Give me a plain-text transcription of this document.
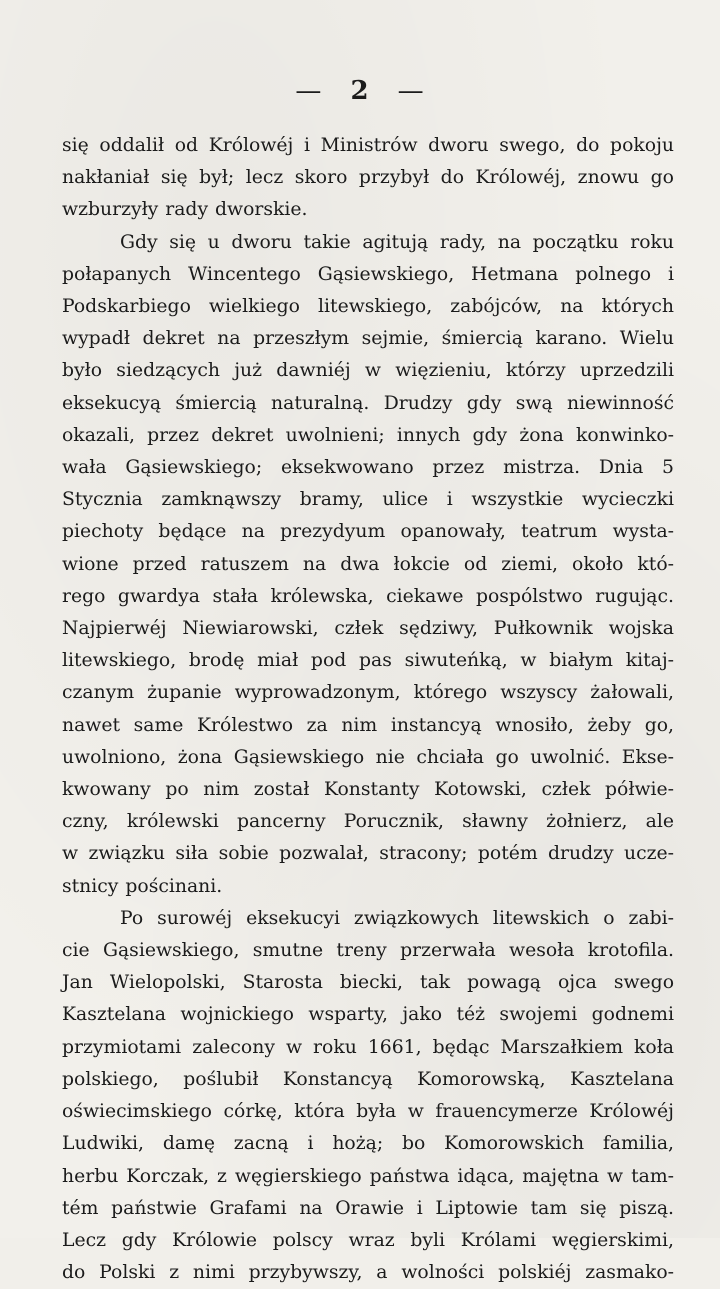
— 2 —

się oddalił od Królowéj i Ministrów dworu swego, do pokoju
nakłaniał się był; lecz skoro przybył do Królowéj, znowu go
wzburzyły rady dworskie.

Gdy się u dworu takie agitują rady, na początku roku
połapanych Wincentego Gąsiewskiego, Hetmana polnego i
Podskarbiego wielkiego litewskiego, zabójców, na których
wypadł dekret na przeszłym sejmie, śmiercią karano. Wielu
było siedzących już dawniéj w więzieniu, którzy uprzedzili
eksekucyą śmiercią naturalną. Drudzy gdy swą niewinność
okazali, przez dekret uwolnieni; innych gdy żona konwinko-
wała Gąsiewskiego; eksekwowano przez mistrza. Dnia 5
Stycznia zamknąwszy bramy, ulice i wszystkie wycieczki
piechoty będące na prezydyum opanowały, teatrum wysta-
wione przed ratuszem na dwa łokcie od ziemi, około któ-
rego gwardya stała królewska, ciekawe pospólstwo rugując.
Najpierwéj Niewiarowski, człek sędziwy, Pułkownik wojska
litewskiego, brodę miał pod pas siwuteńką, w białym kitaj-
czanym żupanie wyprowadzonym, którego wszyscy żałowali,
nawet same Królestwo za nim instancyą wnosiło, żeby go,
uwolniono, żona Gąsiewskiego nie chciała go uwolnić. Ekse-
kwowany po nim został Konstanty Kotowski, człek półwie-
czny, królewski pancerny Porucznik, sławny żołnierz, ale
w związku siła sobie pozwalał, stracony; potém drudzy ucze-
stnicy pościnani.

Po surowéj eksekucyi związkowych litewskich o zabi-
cie Gąsiewskiego, smutne treny przerwała wesoła krotofila.
Jan Wielopolski, Starosta biecki, tak powagą ojca swego
Kasztelana wojnickiego wsparty, jako téż swojemi godnemi
przymiotami zalecony w roku 1661, będąc Marszałkiem koła
polskiego, poślubił Konstancyą Komorowską, Kasztelana
oświecimskiego córkę, która była w frauencymerze Królowéj
Ludwiki, damę zacną i hożą; bo Komorowskich familia,
herbu Korczak, z węgierskiego państwa idąca, majętna w tam-
tém państwie Grafami na Orawie i Liptowie tam się piszą.
Lecz gdy Królowie polscy wraz byli Królami węgierskimi,
do Polski z nimi przybywszy, a wolności polskiéj zasmako-
